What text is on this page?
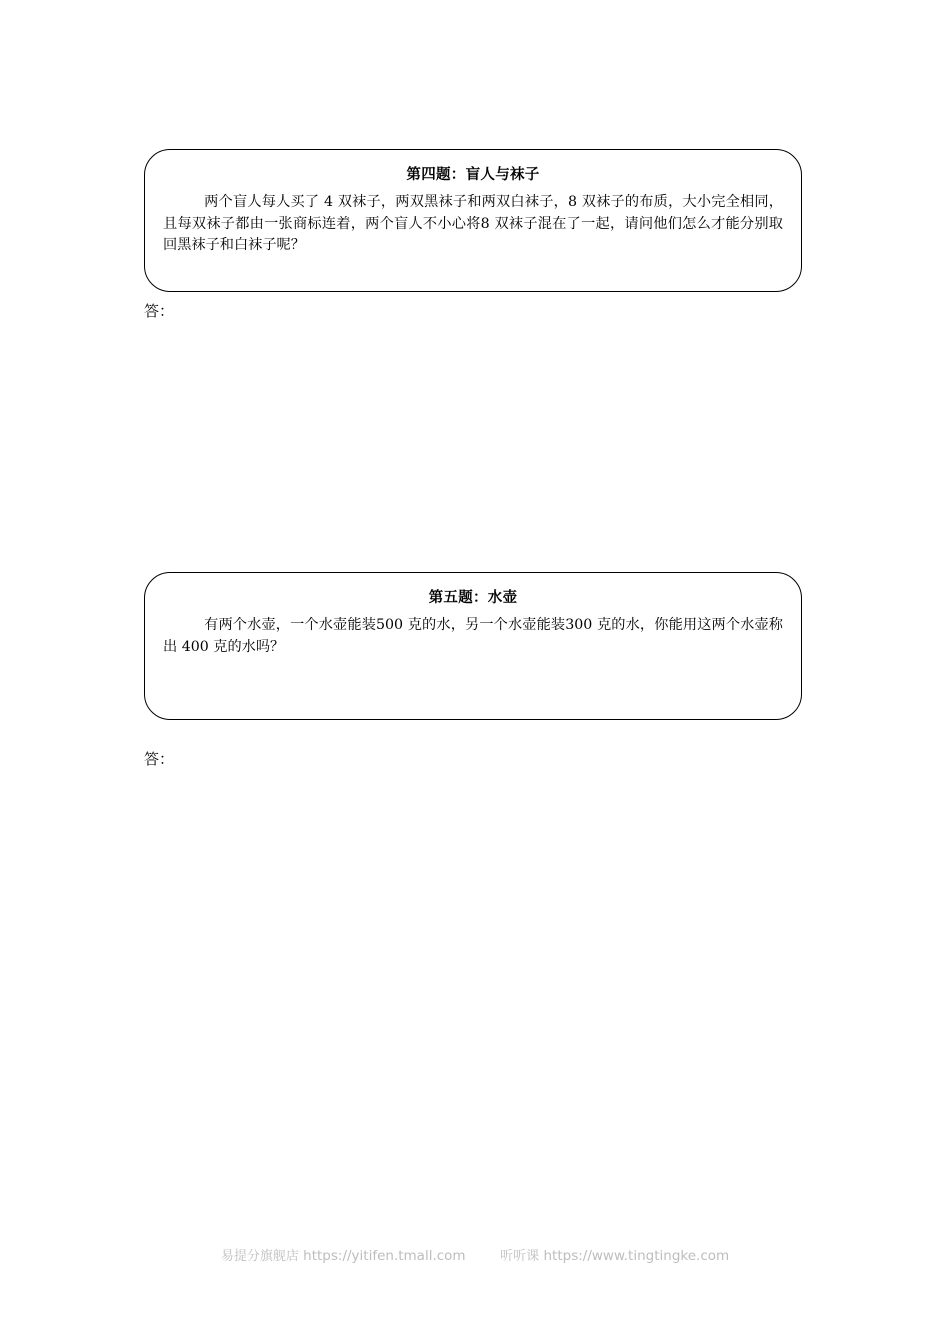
第四题：盲人与袜子
两个盲人每人买了 4 双袜子，两双黑袜子和两双白袜子，8 双袜子的布质，大小完全相同，且每双袜子都由一张商标连着，两个盲人不小心将8 双袜子混在了一起，请问他们怎么才能分别取回黑袜子和白袜子呢？
答：
第五题：水壶
有两个水壶，一个水壶能装500 克的水，另一个水壶能装300 克的水，你能用这两个水壶称出 400 克的水吗？
答：
易提分旗舰店 https://yitifen.tmall.com	听听课 https://www.tingtingke.com
